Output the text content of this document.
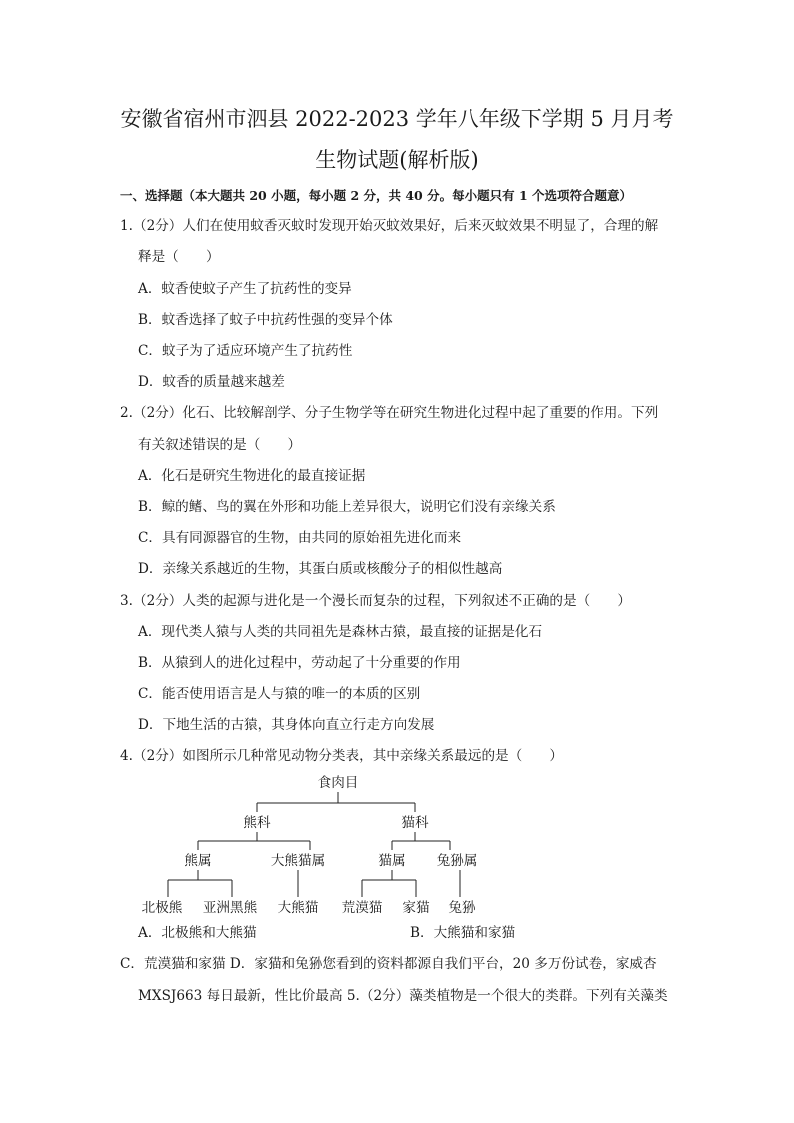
安徽省宿州市泗县 2022-2023 学年八年级下学期 5 月月考
生物试题(解析版)
一、选择题（本大题共 20 小题，每小题 2 分，共 40 分。每小题只有 1 个选项符合题意）
1.（2分）人们在使用蚊香灭蚊时发现开始灭蚊效果好，后来灭蚊效果不明显了，合理的解
释是（　　）
A．蚊香使蚊子产生了抗药性的变异
B．蚊香选择了蚊子中抗药性强的变异个体
C．蚊子为了适应环境产生了抗药性
D．蚊香的质量越来越差
2.（2分）化石、比较解剖学、分子生物学等在研究生物进化过程中起了重要的作用。下列
有关叙述错误的是（　　）
A．化石是研究生物进化的最直接证据
B．鲸的鳍、鸟的翼在外形和功能上差异很大，说明它们没有亲缘关系
C．具有同源器官的生物，由共同的原始祖先进化而来
D．亲缘关系越近的生物，其蛋白质或核酸分子的相似性越高
3.（2分）人类的起源与进化是一个漫长而复杂的过程，下列叙述不正确的是（　　）
A．现代类人猿与人类的共同祖先是森林古猿，最直接的证据是化石
B．从猿到人的进化过程中，劳动起了十分重要的作用
C．能否使用语言是人与猿的唯一的本质的区别
D．下地生活的古猿，其身体向直立行走方向发展
4.（2分）如图所示几种常见动物分类表，其中亲缘关系最远的是（　　）
食肉目
熊科	猫科
熊属	大熊猫属	猫属 兔狲属
北极熊 亚洲黑熊 大熊猫 荒漠猫 家猫 兔狲
A．北极熊和大熊猫	B．大熊猫和家猫
C．荒漠猫和家猫 D．家猫和兔狲您看到的资料都源自我们平台，20 多万份试卷，家威杏
MXSJ663 每日最新，性比价最高 5.（2分）藻类植物是一个很大的类群。下列有关藻类
